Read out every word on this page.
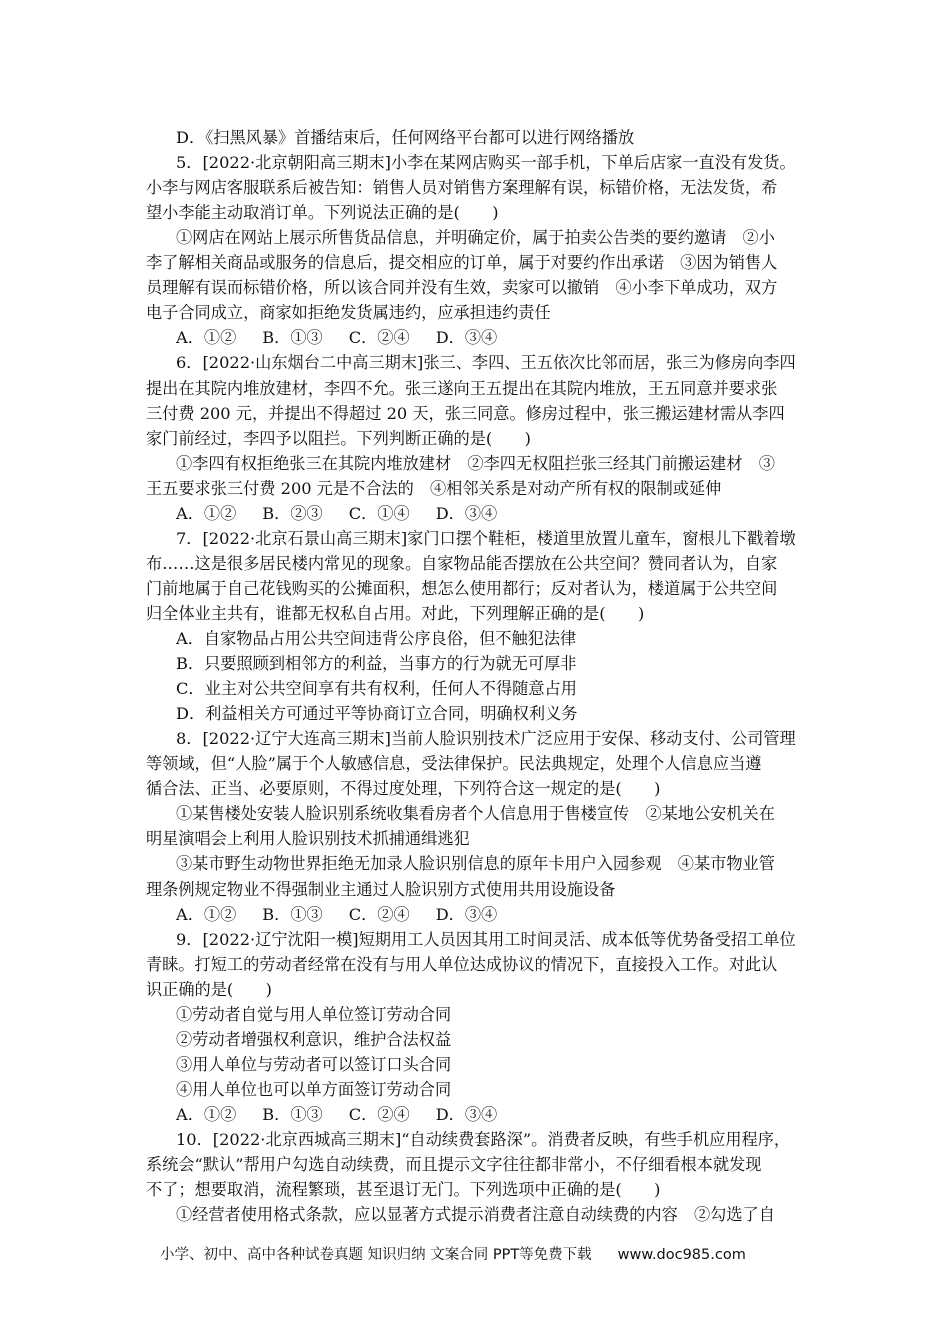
D．《扫黑风暴》首播结束后，任何网络平台都可以进行网络播放
5．[2022·北京朝阳高三期末]小李在某网店购买一部手机，下单后店家一直没有发货。
小李与网店客服联系后被告知：销售人员对销售方案理解有误，标错价格，无法发货，希
望小李能主动取消订单。下列说法正确的是(　　)
①网店在网站上展示所售货品信息，并明确定价，属于拍卖公告类的要约邀请　②小
李了解相关商品或服务的信息后，提交相应的订单，属于对要约作出承诺　③因为销售人
员理解有误而标错价格，所以该合同并没有生效，卖家可以撤销　④小李下单成功，双方
电子合同成立，商家如拒绝发货属违约，应承担违约责任
A．①② B．①③ C．②④ D．③④
6．[2022·山东烟台二中高三期末]张三、李四、王五依次比邻而居，张三为修房向李四
提出在其院内堆放建材，李四不允。张三遂向王五提出在其院内堆放，王五同意并要求张
三付费 200 元，并提出不得超过 20 天，张三同意。修房过程中，张三搬运建材需从李四
家门前经过，李四予以阻拦。下列判断正确的是(　　)
①李四有权拒绝张三在其院内堆放建材　②李四无权阻拦张三经其门前搬运建材　③
王五要求张三付费 200 元是不合法的　④相邻关系是对动产所有权的限制或延伸
A．①② B．②③ C．①④ D．③④
7．[2022·北京石景山高三期末]家门口摆个鞋柜，楼道里放置儿童车，窗根儿下戳着墩
布……这是很多居民楼内常见的现象。自家物品能否摆放在公共空间？赞同者认为，自家
门前地属于自己花钱购买的公摊面积，想怎么使用都行；反对者认为，楼道属于公共空间
归全体业主共有，谁都无权私自占用。对此，下列理解正确的是(　　)
A．自家物品占用公共空间违背公序良俗，但不触犯法律
B．只要照顾到相邻方的利益，当事方的行为就无可厚非
C．业主对公共空间享有共有权利，任何人不得随意占用
D．利益相关方可通过平等协商订立合同，明确权利义务
8．[2022·辽宁大连高三期末]当前人脸识别技术广泛应用于安保、移动支付、公司管理
等领域，但“人脸”属于个人敏感信息，受法律保护。民法典规定，处理个人信息应当遵
循合法、正当、必要原则，不得过度处理，下列符合这一规定的是(　　)
①某售楼处安装人脸识别系统收集看房者个人信息用于售楼宣传　②某地公安机关在
明星演唱会上利用人脸识别技术抓捕通缉逃犯
③某市野生动物世界拒绝无加录人脸识别信息的原年卡用户入园参观　④某市物业管
理条例规定物业不得强制业主通过人脸识别方式使用共用设施设备
A．①② B．①③ C．②④ D．③④
9．[2022·辽宁沈阳一模]短期用工人员因其用工时间灵活、成本低等优势备受招工单位
青睐。打短工的劳动者经常在没有与用人单位达成协议的情况下，直接投入工作。对此认
识正确的是(　　)
①劳动者自觉与用人单位签订劳动合同
②劳动者增强权利意识，维护合法权益
③用人单位与劳动者可以签订口头合同
④用人单位也可以单方面签订劳动合同
A．①② B．①③ C．②④ D．③④
10．[2022·北京西城高三期末]“自动续费套路深”。消费者反映，有些手机应用程序，
系统会“默认”帮用户勾选自动续费，而且提示文字往往都非常小，不仔细看根本就发现
不了；想要取消，流程繁琐，甚至退订无门。下列选项中正确的是(　　)
①经营者使用格式条款，应以显著方式提示消费者注意自动续费的内容　②勾选了自
小学、初中、高中各种试卷真题 知识归纳 文案合同 PPT等免费下载 www.doc985.com
